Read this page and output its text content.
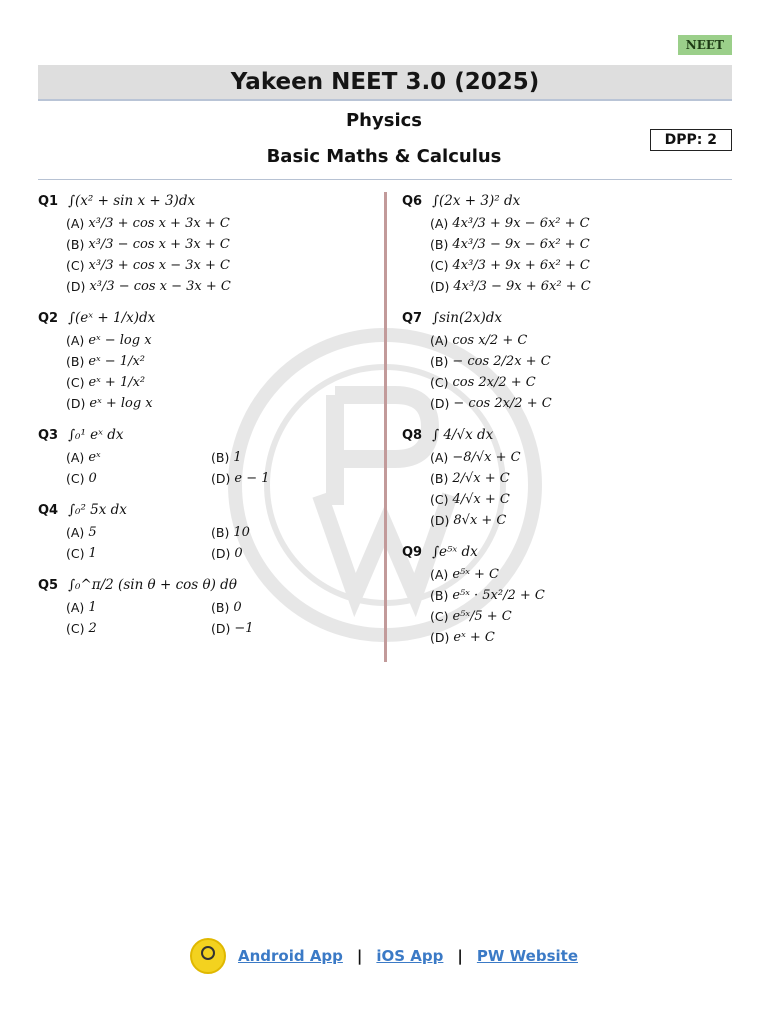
NEET
Yakeen NEET 3.0 (2025)
Physics
Basic Maths & Calculus
DPP: 2
Q1 ∫(x² + sin x + 3)dx
(A) x³/3 + cos x + 3x + C
(B) x³/3 − cos x + 3x + C
(C) x³/3 + cos x − 3x + C
(D) x³/3 − cos x − 3x + C
Q2 ∫(eˣ + 1/x)dx
(A) eˣ − log x
(B) eˣ − 1/x²
(C) eˣ + 1/x²
(D) eˣ + log x
Q3 ∫₀¹ eˣ dx
(A) eˣ	(B) 1
(C) 0	(D) e − 1
Q4 ∫₀² 5x dx
(A) 5	(B) 10
(C) 1	(D) 0
Q5 ∫₀^π/2 (sin θ + cos θ) dθ
(A) 1	(B) 0
(C) 2	(D) −1
Q6 ∫(2x + 3)² dx
(A) 4x³/3 + 9x − 6x² + C
(B) 4x³/3 − 9x − 6x² + C
(C) 4x³/3 + 9x + 6x² + C
(D) 4x³/3 − 9x + 6x² + C
Q7 ∫sin(2x)dx
(A) cos x/2 + C
(B) − cos 2/2x + C
(C) cos 2x/2 + C
(D) − cos 2x/2 + C
Q8 ∫ 4/√x dx
(A) −8/√x + C
(B) 2/√x + C
(C) 4/√x + C
(D) 8√x + C
Q9 ∫e⁵ˣ dx
(A) e⁵ˣ + C
(B) e⁵ˣ · 5x²/2 + C
(C) e⁵ˣ/5 + C
(D) eˣ + C
Android App | iOS App | PW Website
